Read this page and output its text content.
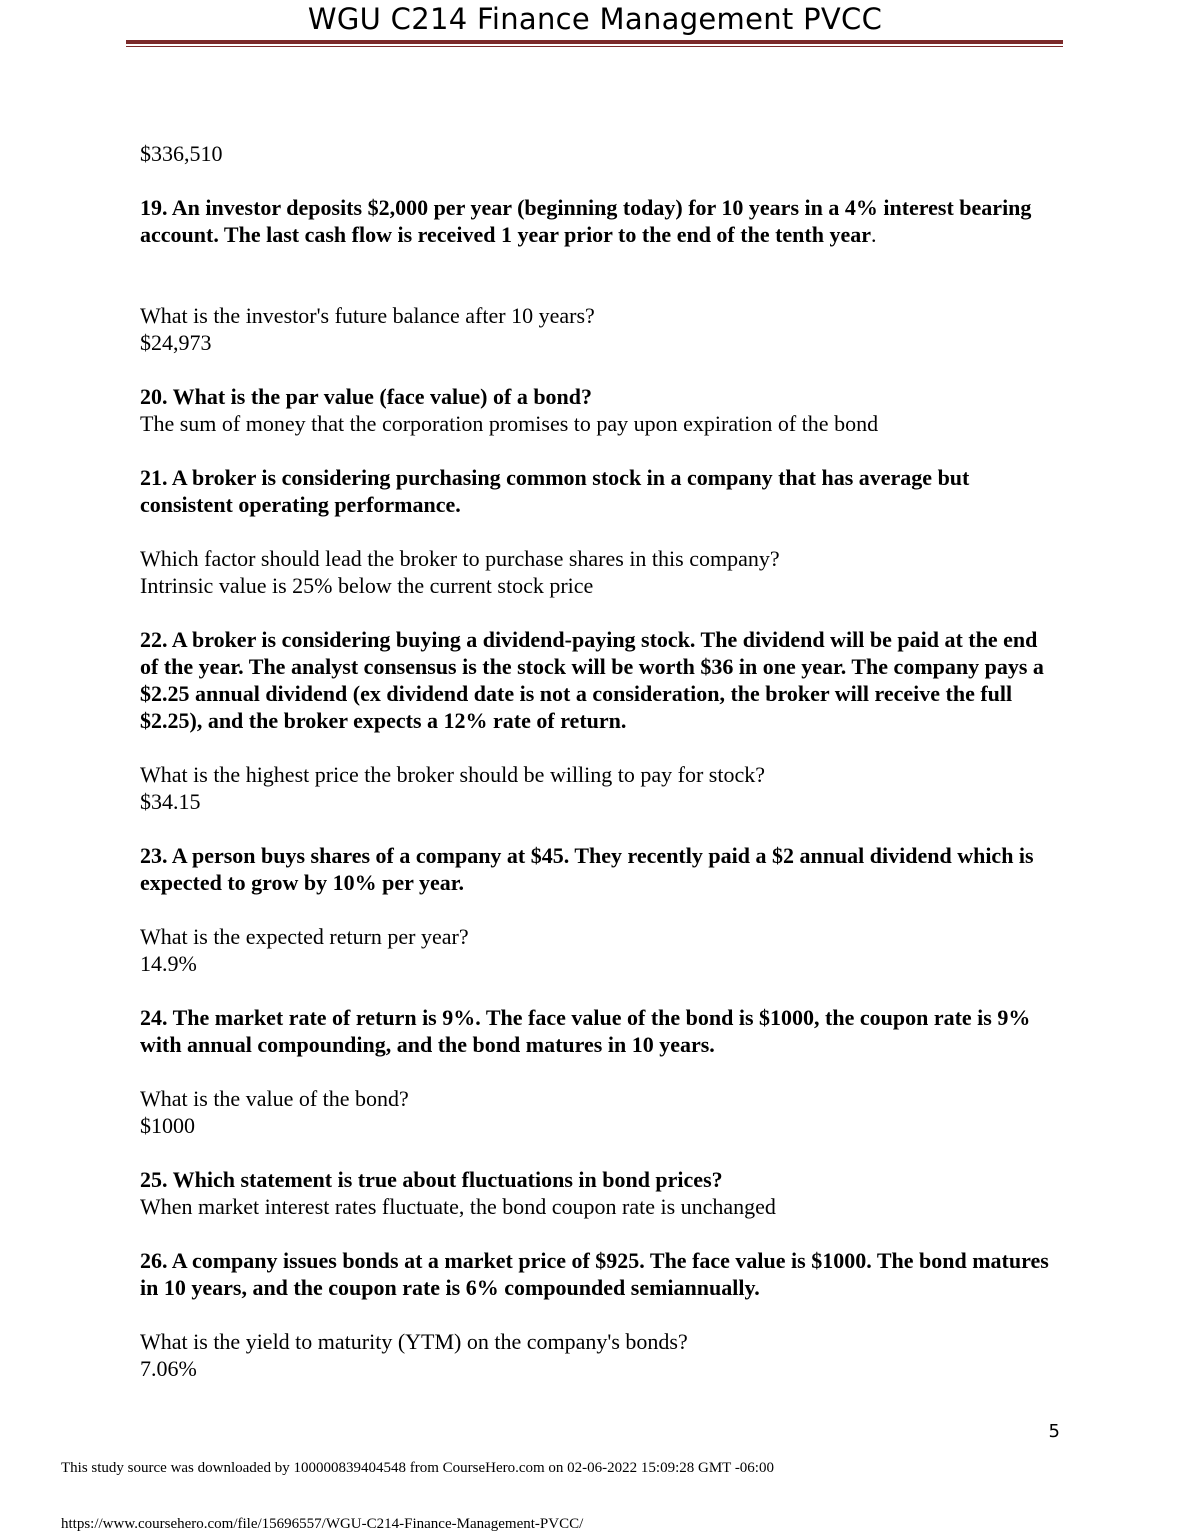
WGU C214 Finance Management PVCC

$336,510

19. An investor deposits $2,000 per year (beginning today) for 10 years in a 4% interest bearing account. The last cash flow is received 1 year prior to the end of the tenth year.

What is the investor's future balance after 10 years?

$24,973

20. What is the par value (face value) of a bond?

The sum of money that the corporation promises to pay upon expiration of the bond

21. A broker is considering purchasing common stock in a company that has average but consistent operating performance.

Which factor should lead the broker to purchase shares in this company?

Intrinsic value is 25% below the current stock price

22. A broker is considering buying a dividend-paying stock. The dividend will be paid at the end of the year. The analyst consensus is the stock will be worth $36 in one year. The company pays a $2.25 annual dividend (ex dividend date is not a consideration, the broker will receive the full $2.25), and the broker expects a 12% rate of return.

What is the highest price the broker should be willing to pay for stock?

$34.15

23. A person buys shares of a company at $45. They recently paid a $2 annual dividend which is expected to grow by 10% per year.

What is the expected return per year?

14.9%

24. The market rate of return is 9%. The face value of the bond is $1000, the coupon rate is 9% with annual compounding, and the bond matures in 10 years.

What is the value of the bond?

$1000

25. Which statement is true about fluctuations in bond prices?

When market interest rates fluctuate, the bond coupon rate is unchanged

26. A company issues bonds at a market price of $925. The face value is $1000. The bond matures in 10 years, and the coupon rate is 6% compounded semiannually.

What is the yield to maturity (YTM) on the company's bonds?

7.06%

5
This study source was downloaded by 100000839404548 from CourseHero.com on 02-06-2022 15:09:28 GMT -06:00
https://www.coursehero.com/file/15696557/WGU-C214-Finance-Management-PVCC/
